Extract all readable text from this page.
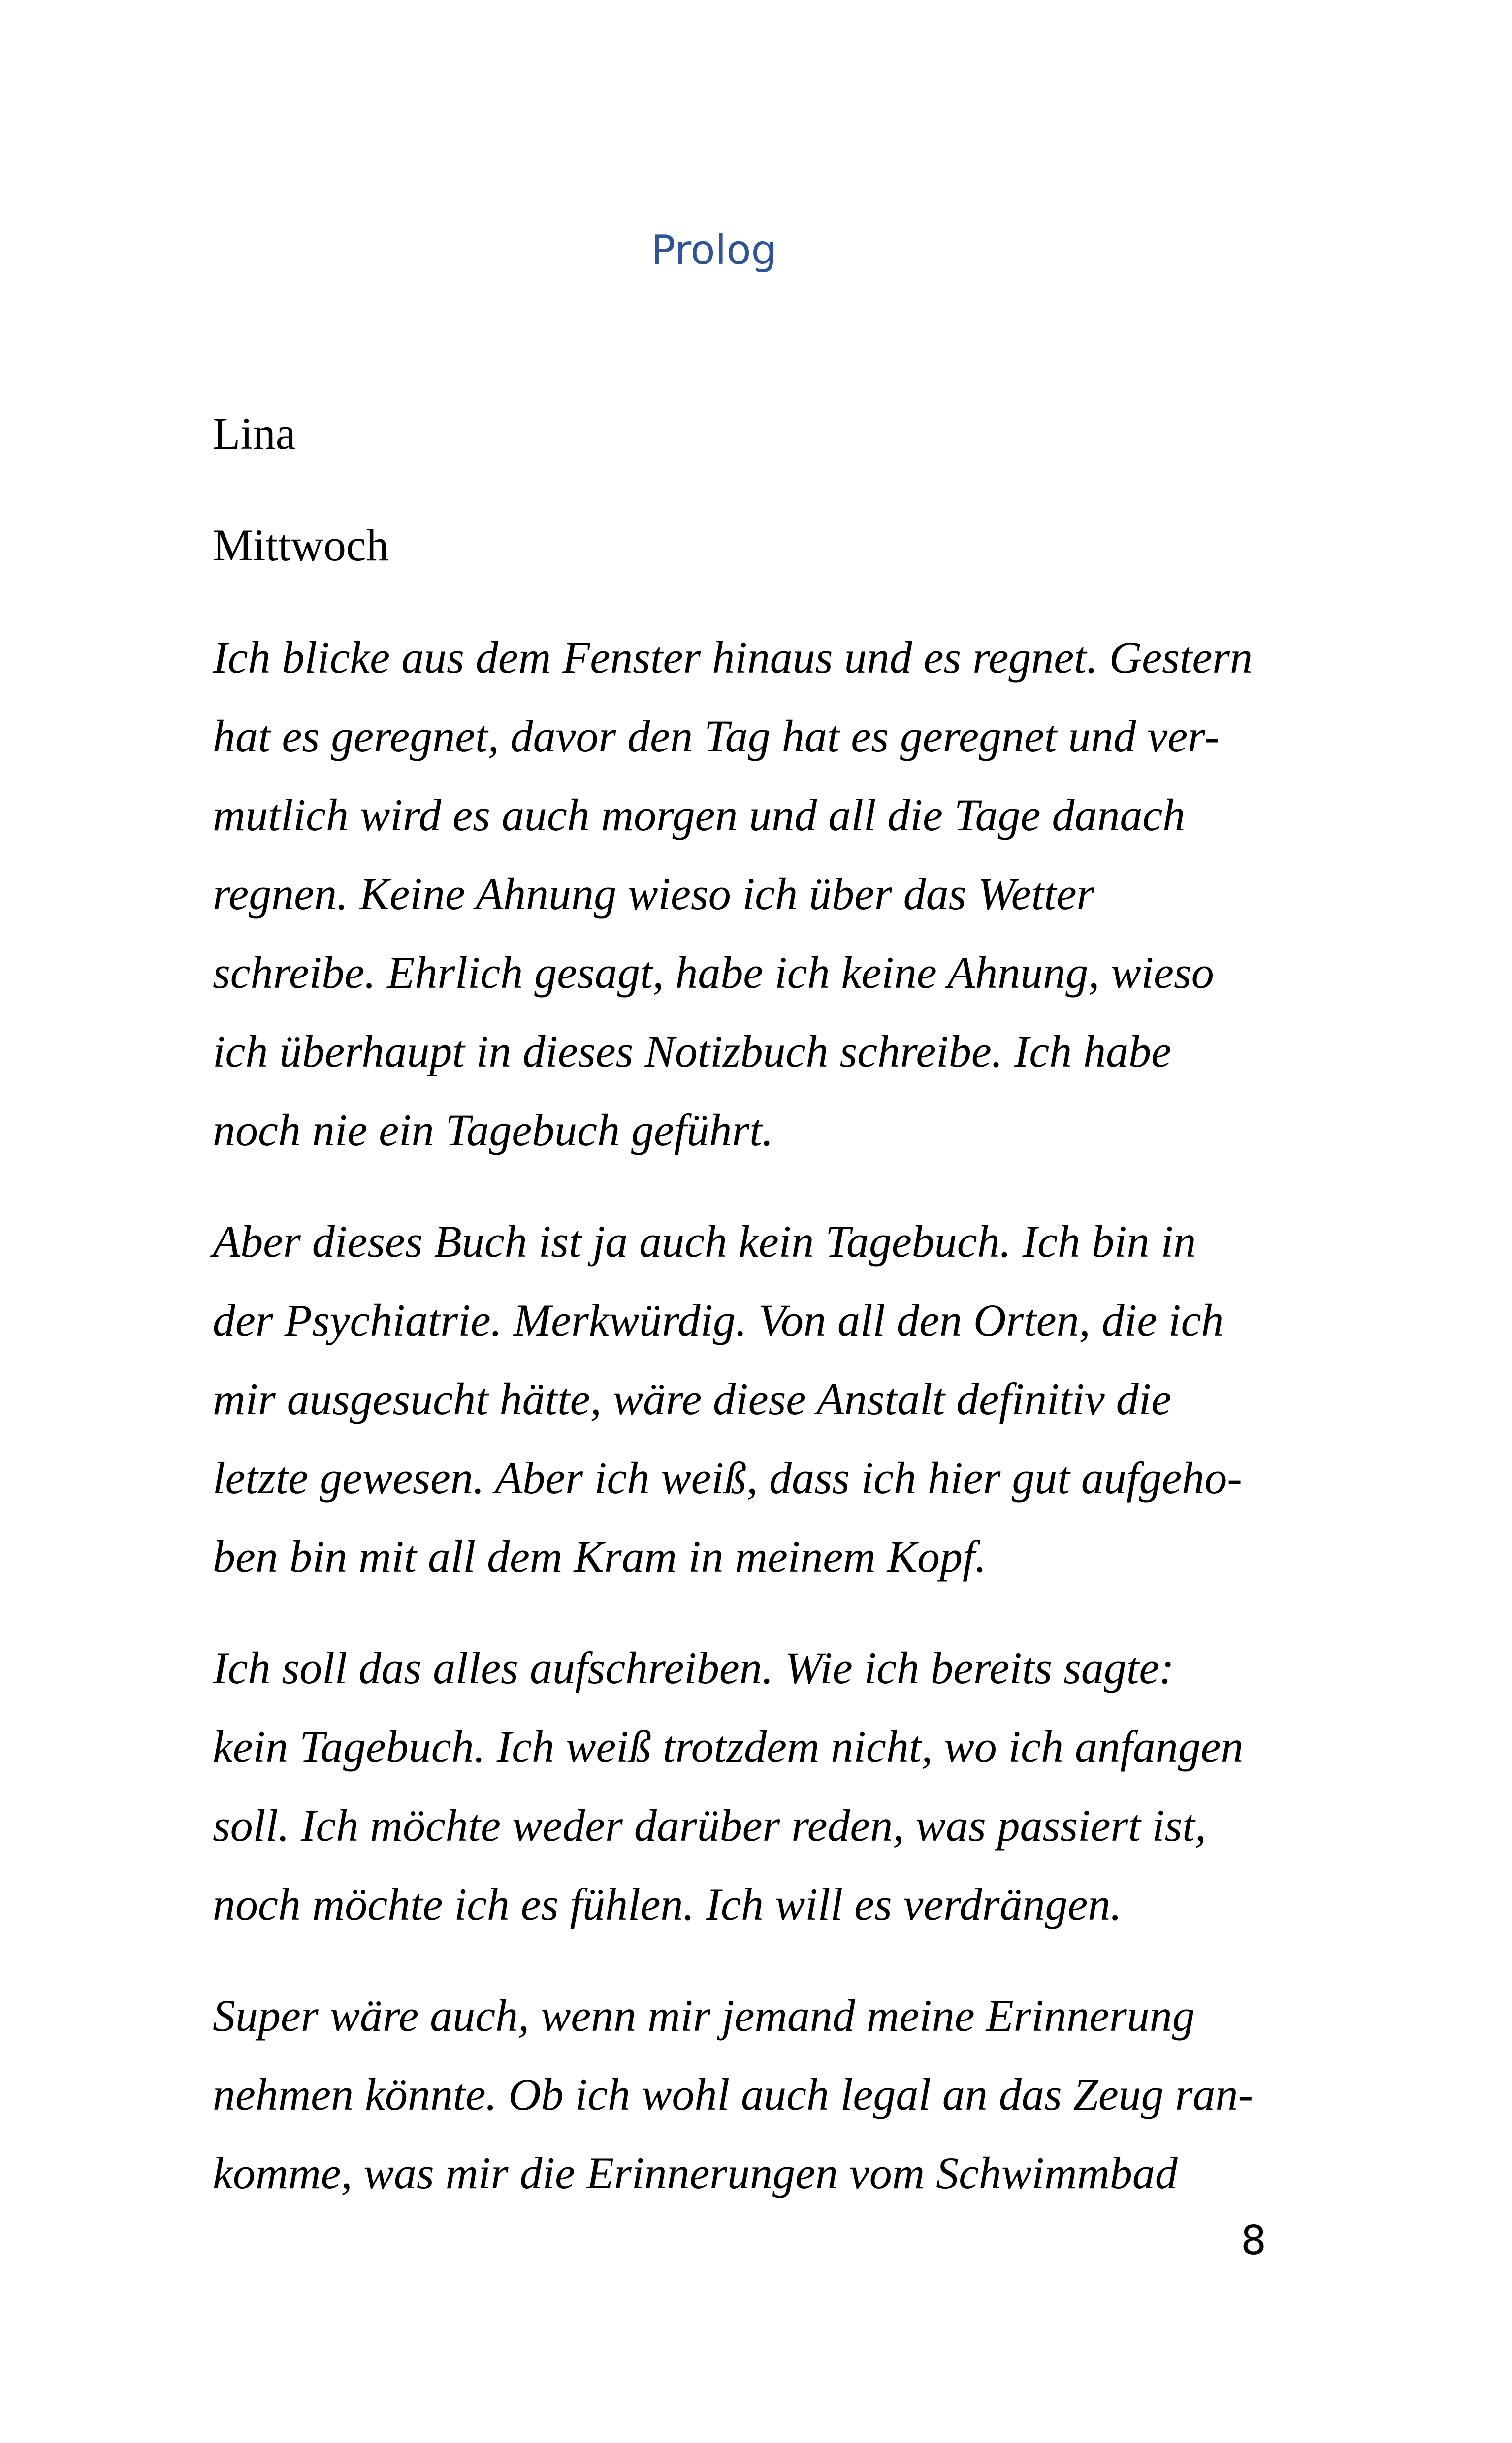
Prolog

Lina

Mittwoch

Ich blicke aus dem Fenster hinaus und es regnet. Gestern
hat es geregnet, davor den Tag hat es geregnet und ver-
mutlich wird es auch morgen und all die Tage danach
regnen. Keine Ahnung wieso ich über das Wetter
schreibe. Ehrlich gesagt, habe ich keine Ahnung, wieso
ich überhaupt in dieses Notizbuch schreibe. Ich habe
noch nie ein Tagebuch geführt.

Aber dieses Buch ist ja auch kein Tagebuch. Ich bin in
der Psychiatrie. Merkwürdig. Von all den Orten, die ich
mir ausgesucht hätte, wäre diese Anstalt definitiv die
letzte gewesen. Aber ich weiß, dass ich hier gut aufgeho-
ben bin mit all dem Kram in meinem Kopf.

Ich soll das alles aufschreiben. Wie ich bereits sagte:
kein Tagebuch. Ich weiß trotzdem nicht, wo ich anfangen
soll. Ich möchte weder darüber reden, was passiert ist,
noch möchte ich es fühlen. Ich will es verdrängen.

Super wäre auch, wenn mir jemand meine Erinnerung
nehmen könnte. Ob ich wohl auch legal an das Zeug ran-
komme, was mir die Erinnerungen vom Schwimmbad

8
